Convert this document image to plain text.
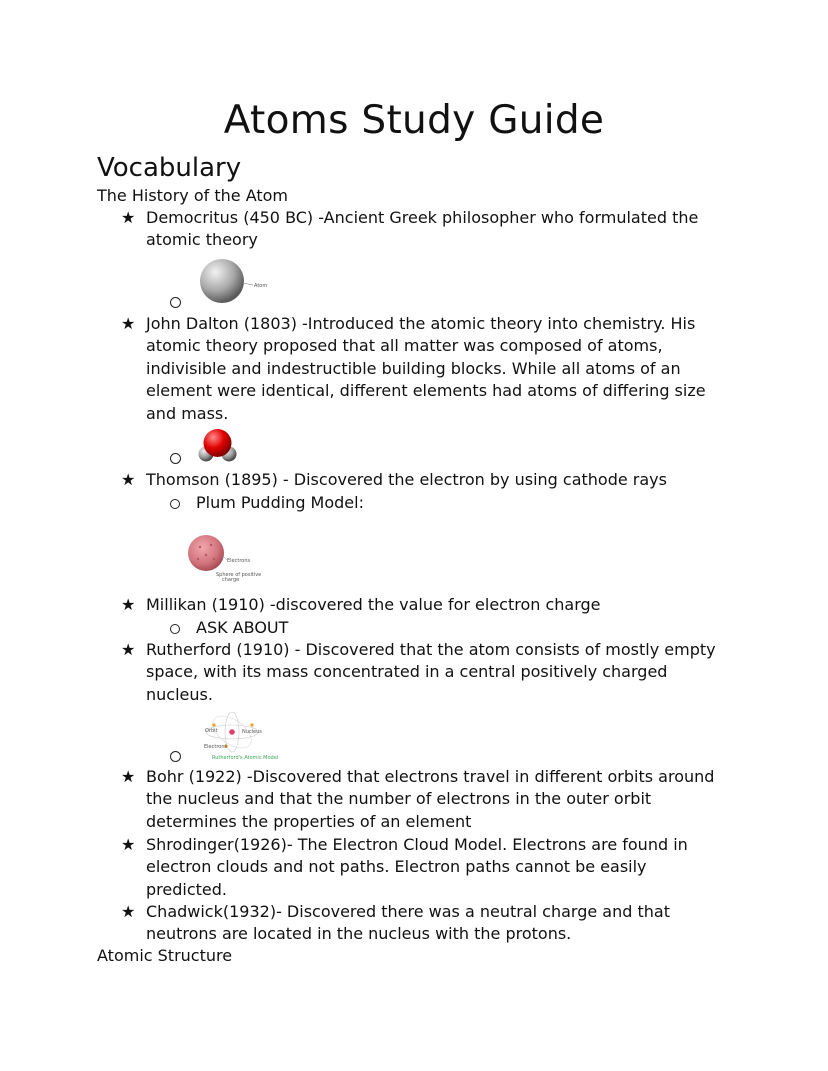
Atoms Study Guide
Vocabulary
The History of the Atom
★ Democritus (450 BC) -Ancient Greek philosopher who formulated the atomic theory
Atom
★ John Dalton (1803) -Introduced the atomic theory into chemistry. His atomic theory proposed that all matter was composed of atoms, indivisible and indestructible building blocks. While all atoms of an element were identical, different elements had atoms of differing size and mass.
★ Thomson (1895) - Discovered the electron by using cathode rays
Plum Pudding Model:
Electrons
Sphere of positive
charge
★ Millikan (1910) -discovered the value for electron charge
ASK ABOUT
★ Rutherford (1910) - Discovered that the atom consists of mostly empty space, with its mass concentrated in a central positively charged nucleus.
Orbit	Nucleus
Electrons
Rutherford's Atomic Model
★ Bohr (1922) -Discovered that electrons travel in different orbits around the nucleus and that the number of electrons in the outer orbit determines the properties of an element
★ Shrodinger(1926)- The Electron Cloud Model. Electrons are found in electron clouds and not paths. Electron paths cannot be easily predicted.
★ Chadwick(1932)- Discovered there was a neutral charge and that neutrons are located in the nucleus with the protons.
Atomic Structure
